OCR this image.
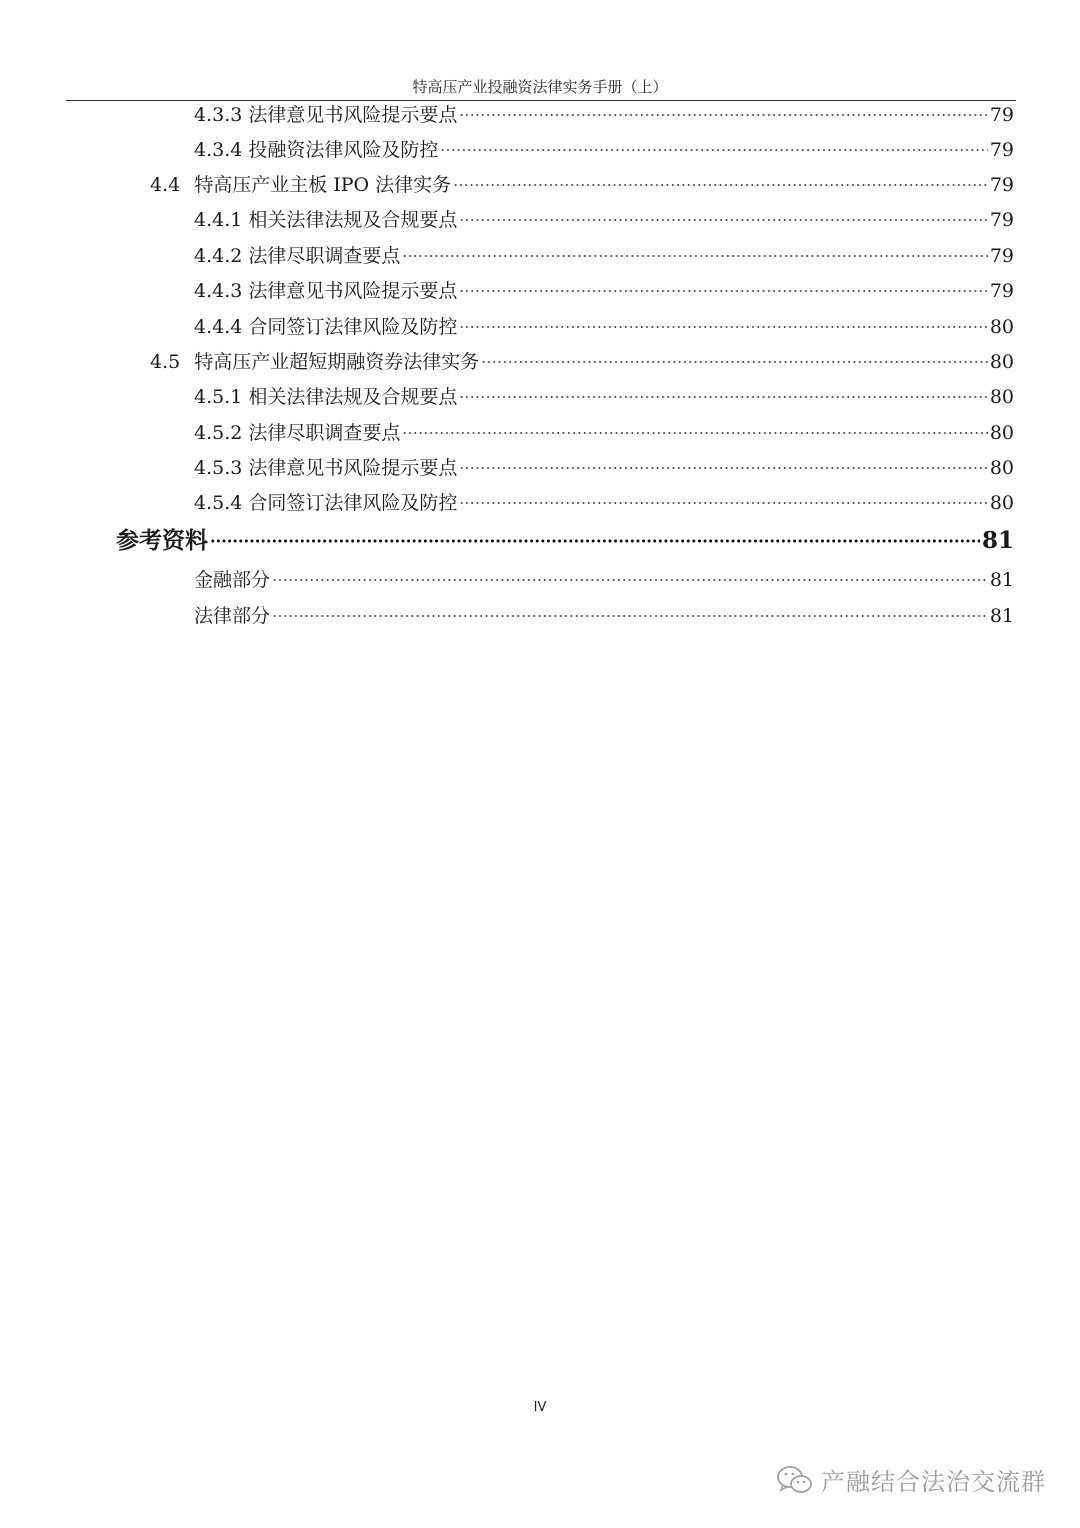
特高压产业投融资法律实务手册（上）
4.3.3 法律意见书风险提示要点	79
4.3.4 投融资法律风险及防控	79
4.4 特高压产业主板 IPO 法律实务	79
4.4.1 相关法律法规及合规要点	79
4.4.2 法律尽职调查要点	79
4.4.3 法律意见书风险提示要点	79
4.4.4 合同签订法律风险及防控	80
4.5 特高压产业超短期融资券法律实务	80
4.5.1 相关法律法规及合规要点	80
4.5.2 法律尽职调查要点	80
4.5.3 法律意见书风险提示要点	80
4.5.4 合同签订法律风险及防控	80
参考资料	81
金融部分	81
法律部分	81
IV
产融结合法治交流群
